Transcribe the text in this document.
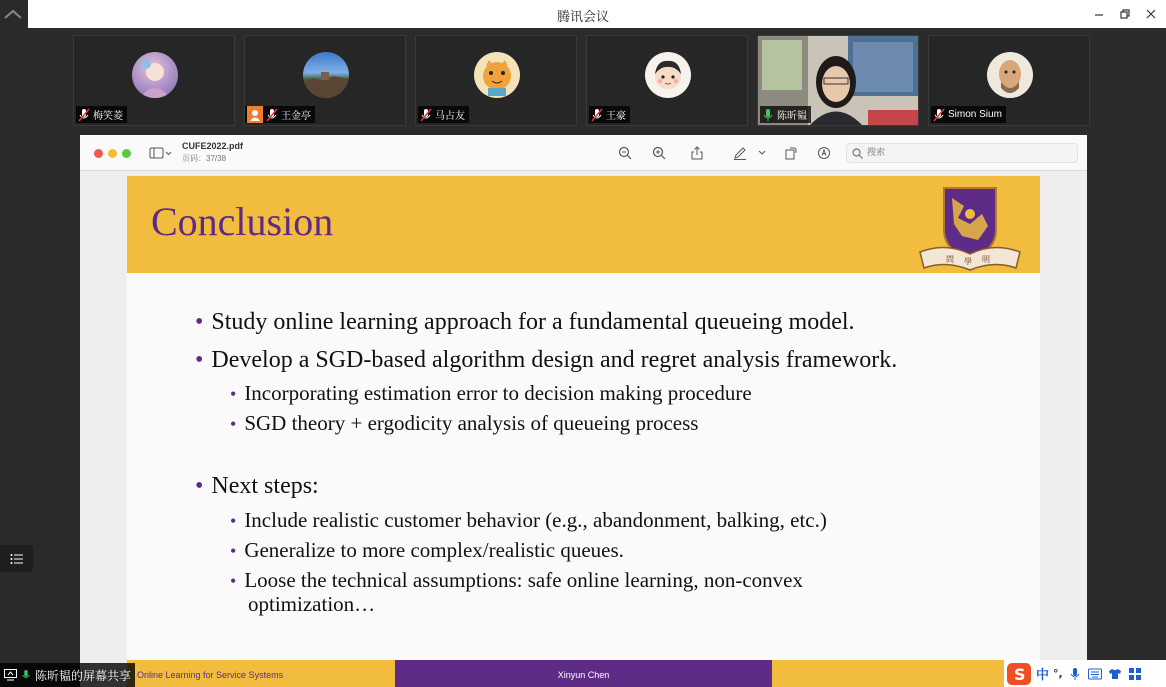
腾讯会议
梅笑菱	王金亭	马占友	王豪	陈昕韫	Simon Sium
CUFE2022.pdf
页码：37/38
搜索
Conclusion
問 學 明
• Study online learning approach for a fundamental queueing model.
• Develop a SGD-based algorithm design and regret analysis framework.
• Incorporating estimation error to decision making procedure
• SGD theory + ergodicity analysis of queueing process
• Next steps:
• Include realistic customer behavior (e.g., abandonment, balking, etc.)
• Generalize to more complex/realistic queues.
• Loose the technical assumptions: safe online learning, non-convex
optimization…
Online Learning for Service Systems	Xinyun Chen
陈昕韫的屏幕共享	S 中 °,
